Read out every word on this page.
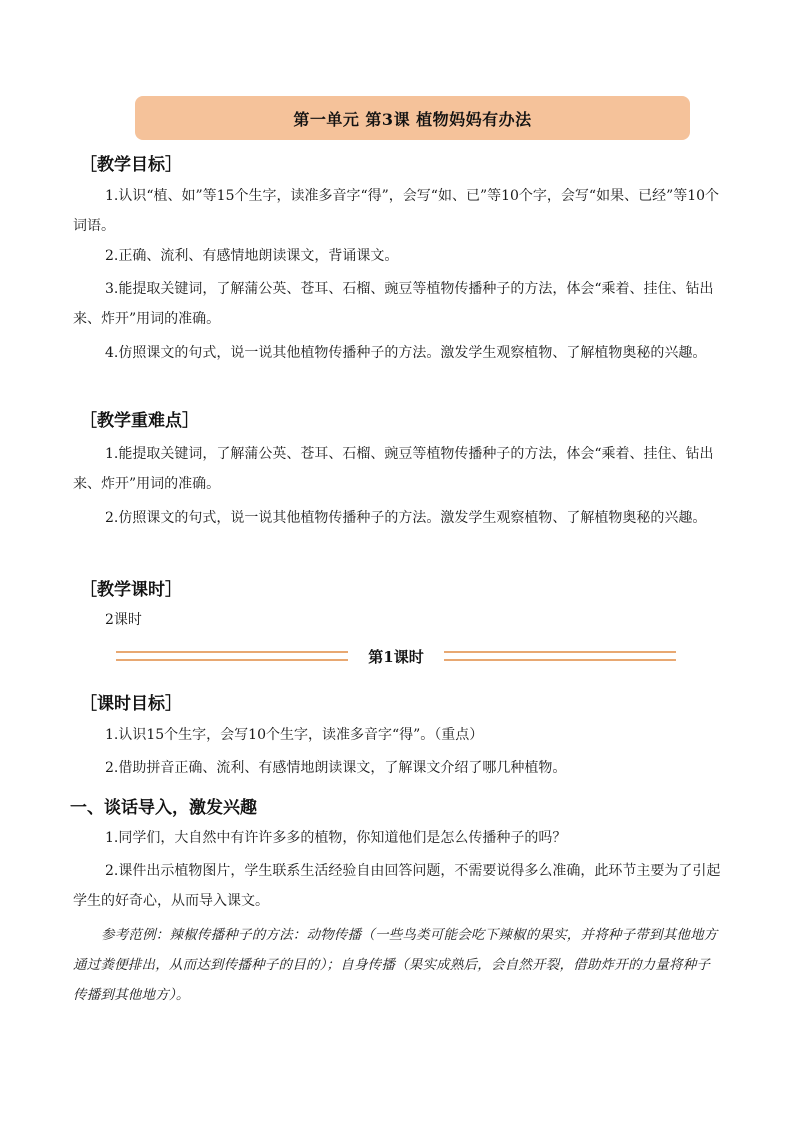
第一单元 第3课 植物妈妈有办法
［教学目标］

1.认识“植、如”等15个生字，读准多音字“得”，会写“如、已”等10个字，会写“如果、已经”等10个词语。

2.正确、流利、有感情地朗读课文，背诵课文。

3.能提取关键词，了解蒲公英、苍耳、石榴、豌豆等植物传播种子的方法，体会“乘着、挂住、钻出来、炸开”用词的准确。

4.仿照课文的句式，说一说其他植物传播种子的方法。激发学生观察植物、了解植物奥秘的兴趣。

［教学重难点］

1.能提取关键词，了解蒲公英、苍耳、石榴、豌豆等植物传播种子的方法，体会“乘着、挂住、钻出来、炸开”用词的准确。

2.仿照课文的句式，说一说其他植物传播种子的方法。激发学生观察植物、了解植物奥秘的兴趣。

［教学课时］
2课时
第1课时
［课时目标］

1.认识15个生字，会写10个生字，读准多音字“得”。（重点）

2.借助拼音正确、流利、有感情地朗读课文，了解课文介绍了哪几种植物。

一、谈话导入，激发兴趣

1.同学们，大自然中有许许多多的植物，你知道他们是怎么传播种子的吗？

2.课件出示植物图片，学生联系生活经验自由回答问题，不需要说得多么准确，此环节主要为了引起学生的好奇心，从而导入课文。

参考范例：辣椒传播种子的方法：动物传播（一些鸟类可能会吃下辣椒的果实，并将种子带到其他地方通过粪便排出，从而达到传播种子的目的）；自身传播（果实成熟后，会自然开裂，借助炸开的力量将种子传播到其他地方）。
